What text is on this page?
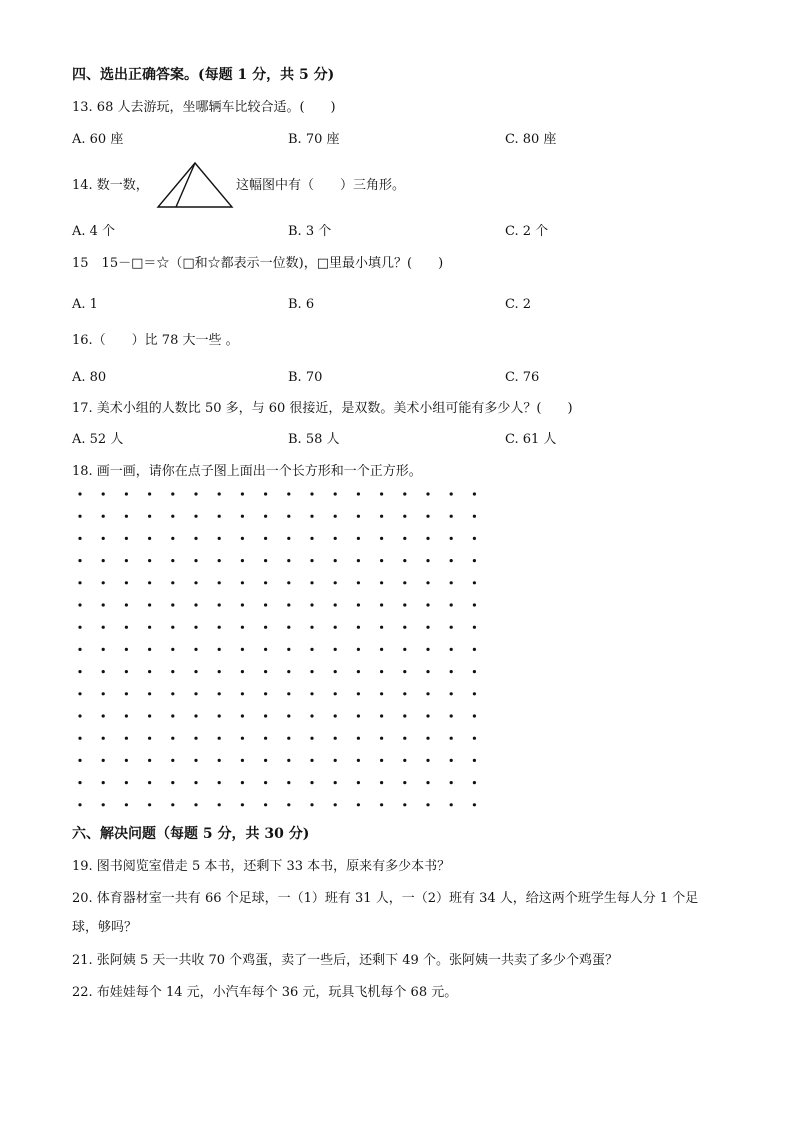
四、选出正确答案。(每题 1 分，共 5 分)
13. 68 人去游玩，坐哪辆车比较合适。(　　)
A. 60 座	B. 70 座	C. 80 座
14. 数一数，	这幅图中有（　　）三角形。
A. 4 个	B. 3 个	C. 2 个
15　15－□＝☆（□和☆都表示一位数)，□里最小填几？(　　)
A. 1	B. 6	C. 2
16.（　　）比 78 大一些 。
A. 80	B. 70	C. 76
17. 美术小组的人数比 50 多，与 60 很接近，是双数。美术小组可能有多少人？(　　)
A. 52 人	B. 58 人	C. 61 人
18. 画一画，请你在点子图上面出一个长方形和一个正方形。
六、解决问题（每题 5 分，共 30 分)
19. 图书阅览室借走 5 本书，还剩下 33 本书，原来有多少本书？
20. 体育器材室一共有 66 个足球，一（1）班有 31 人，一（2）班有 34 人，给这两个班学生每人分 1 个足
球，够吗？
21. 张阿姨 5 天一共收 70 个鸡蛋，卖了一些后，还剩下 49 个。张阿姨一共卖了多少个鸡蛋？
22. 布娃娃每个 14 元，小汽车每个 36 元，玩具飞机每个 68 元。
